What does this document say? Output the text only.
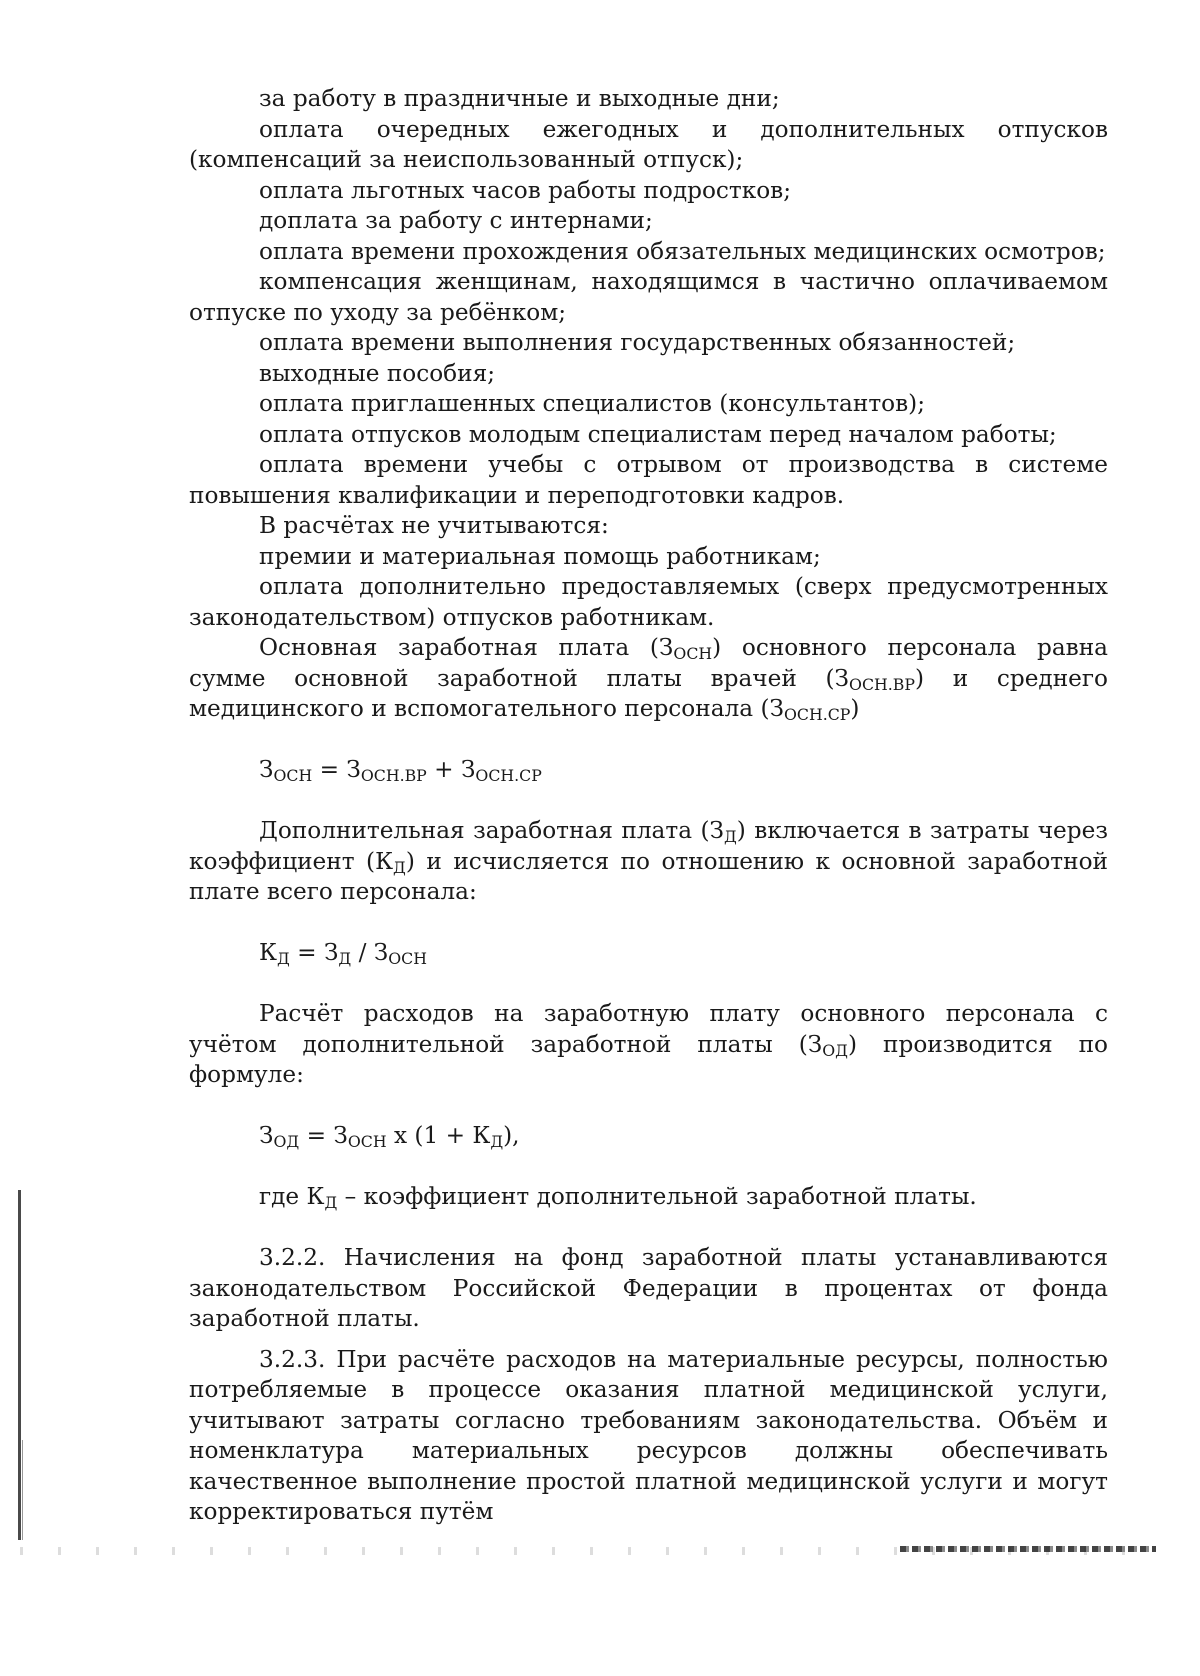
за работу в праздничные и выходные дни;

оплата очередных ежегодных и дополнительных отпусков

(компенсаций за неиспользованный отпуск);

оплата льготных часов работы подростков;

доплата за работу с интернами;

оплата времени прохождения обязательных медицинских осмотров;

компенсация женщинам, находящимся в частично оплачиваемом

отпуске по уходу за ребёнком;

оплата времени выполнения государственных обязанностей;

выходные пособия;

оплата приглашенных специалистов (консультантов);

оплата отпусков молодым специалистам перед началом работы;

оплата времени учебы с отрывом от производства в системе

повышения квалификации и переподготовки кадров.

В расчётах не учитываются:

премии и материальная помощь работникам;

оплата дополнительно предоставляемых (сверх предусмотренных

законодательством) отпусков работникам.

Основная заработная плата $(З_{ОСН})$ основного персонала равна сумме основной заработной платы врачей $(З_{ОСН.ВР})$ и среднего медицинского и вспомогательного персонала $(З_{ОСН.СР})$

$З_{ОСН} = З_{ОСН.ВР} + З_{ОСН.СР}$

Дополнительная заработная плата $(З_Д)$ включается в затраты через коэффициент $(К_Д)$ и исчисляется по отношению к основной заработной плате всего персонала:

$К_Д = З_Д / З_{ОСН}$

Расчёт расходов на заработную плату основного персонала с учётом дополнительной заработной платы $(З_{ОД})$ производится по формуле:

$З_{ОД} = З_{ОСН}$ х $(1 + К_Д)$,

где $К_Д$ – коэффициент дополнительной заработной платы.

3.2.2. Начисления на фонд заработной платы устанавливаются законодательством Российской Федерации в процентах от фонда заработной платы.

3.2.3. При расчёте расходов на материальные ресурсы, полностью потребляемые в процессе оказания платной медицинской услуги, учитывают затраты согласно требованиям законодательства. Объём и номенклатура материальных ресурсов должны обеспечивать качественное выполнение простой платной медицинской услуги и могут корректироваться путём
